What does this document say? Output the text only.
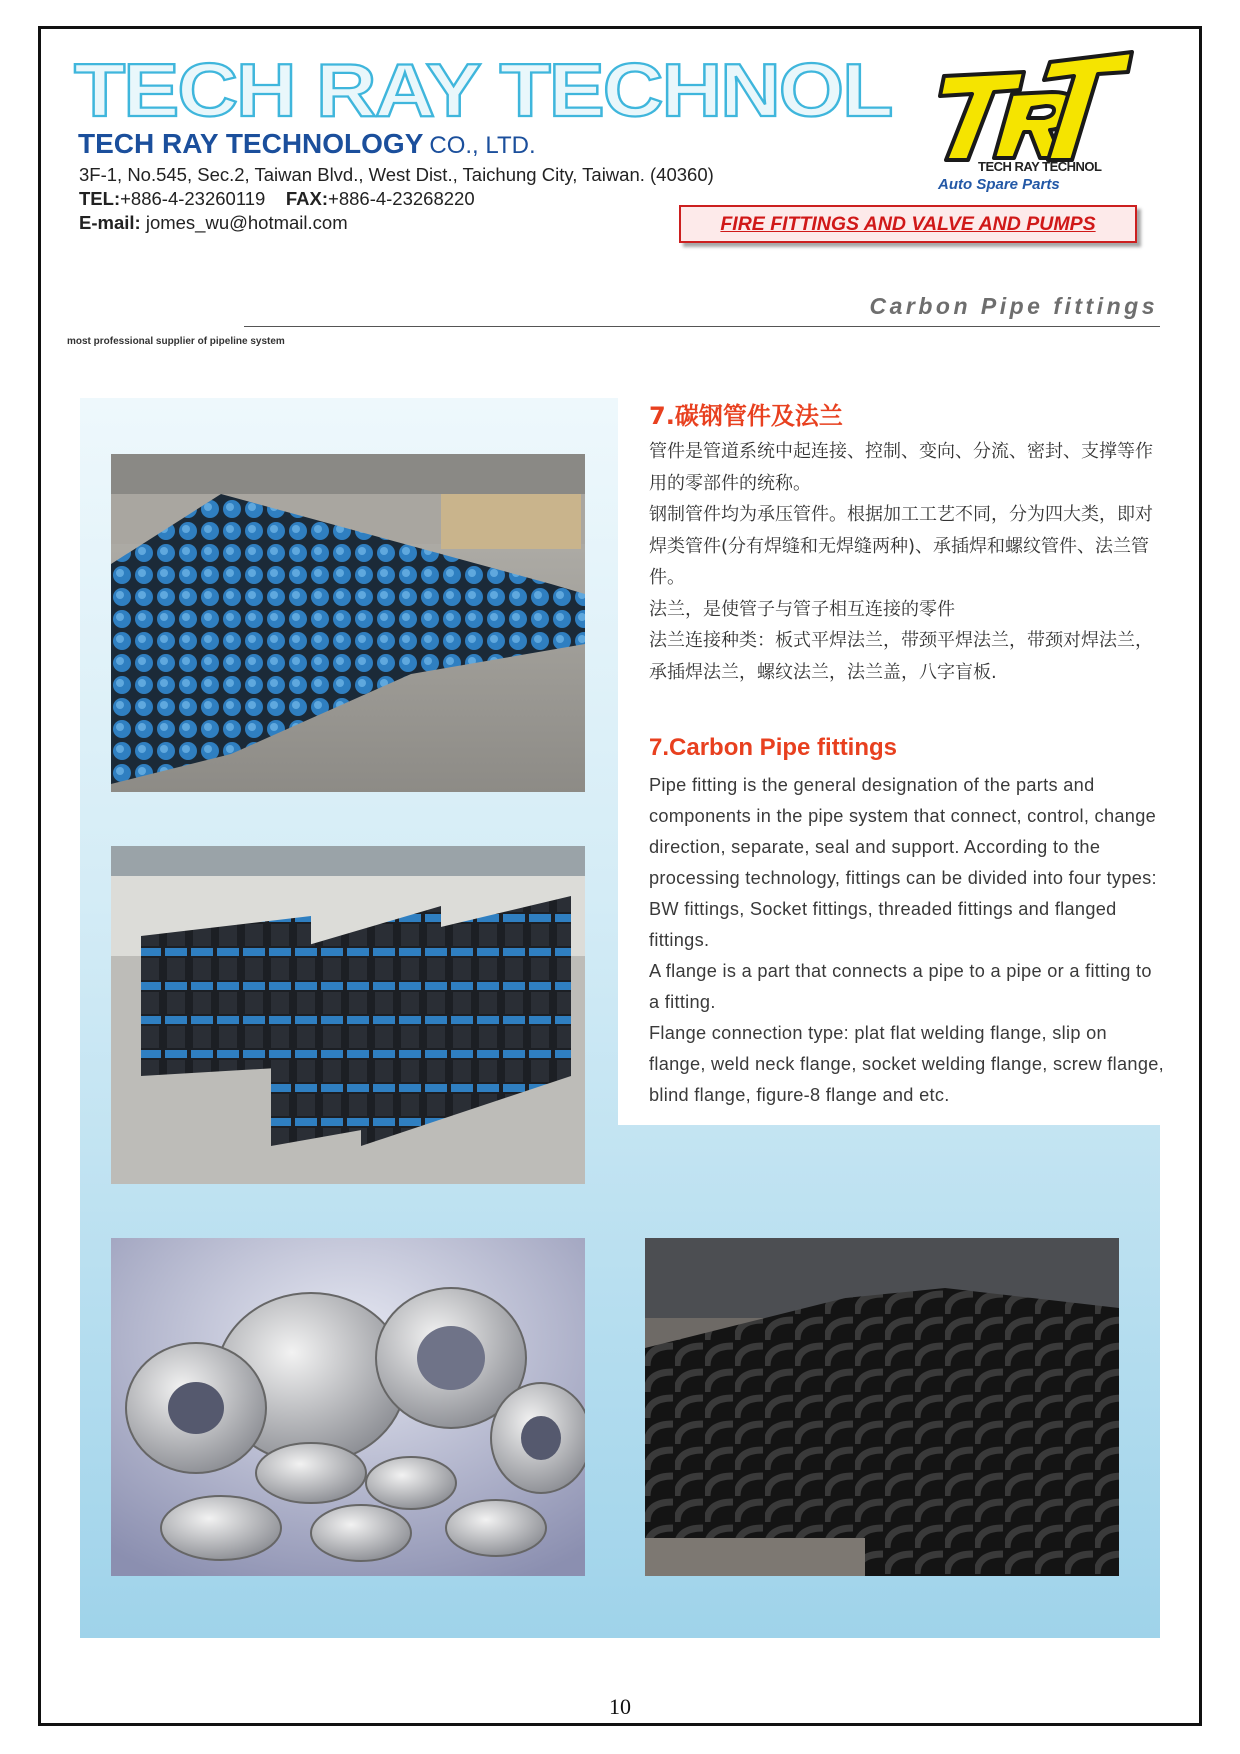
TECH RAY TECHNOL
TECH RAY TECHNOLOGY CO., LTD.
3F-1, No.545, Sec.2, Taiwan Blvd., West Dist., Taichung City, Taiwan. (40360)
TEL:+886-4-23260119 FAX:+886-4-23268220
E-mail: jomes_wu@hotmail.com
TECH RAY TECHNOL
Auto Spare Parts
FIRE FITTINGS AND VALVE AND PUMPS
Carbon Pipe fittings
most professional supplier of pipeline system
7.碳钢管件及法兰
管件是管道系统中起连接、控制、变向、分流、密封、支撑等作用的零部件的统称。
钢制管件均为承压管件。根据加工工艺不同，分为四大类，即对焊类管件(分有焊缝和无焊缝两种)、承插焊和螺纹管件、法兰管件。
法兰，是使管子与管子相互连接的零件
法兰连接种类：板式平焊法兰，带颈平焊法兰，带颈对焊法兰，承插焊法兰，螺纹法兰，法兰盖，八字盲板.
7.Carbon Pipe fittings
Pipe fitting is the general designation of the parts and components in the pipe system that connect, control, change direction, separate, seal and support. According to the processing technology, fittings can be divided into four types: BW fittings, Socket fittings, threaded fittings and flanged fittings.
A flange is a part that connects a pipe to a pipe or a fitting to a fitting.
Flange connection type: plat flat welding flange, slip on flange, weld neck flange, socket welding flange, screw flange, blind flange, figure-8 flange and etc.
10
